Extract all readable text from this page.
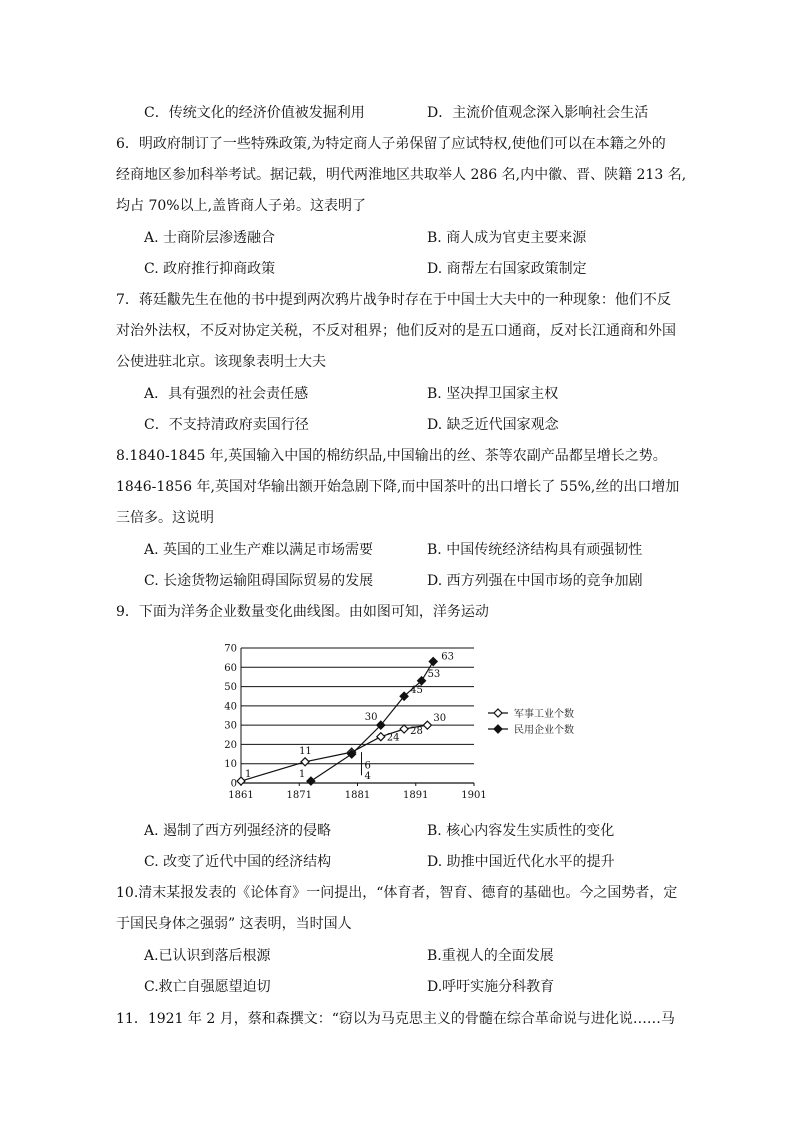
C．传统文化的经济价值被发掘利用	D．主流价值观念深入影响社会生活
6．明政府制订了一些特殊政策,为特定商人子弟保留了应试特权,使他们可以在本籍之外的
经商地区参加科举考试。据记载，明代两淮地区共取举人 286 名,内中徽、晋、陕籍 213 名,
均占 70%以上,盖皆商人子弟。这表明了
A. 士商阶层渗透融合	B. 商人成为官吏主要来源
C. 政府推行抑商政策	D. 商帮左右国家政策制定
7．蒋廷黻先生在他的书中提到两次鸦片战争时存在于中国士大夫中的一种现象：他们不反
对治外法权，不反对协定关税，不反对租界；他们反对的是五口通商，反对长江通商和外国
公使进驻北京。该现象表明士大夫
A．具有强烈的社会责任感	B. 坚决捍卫国家主权
C．不支持清政府卖国行径	D. 缺乏近代国家观念
8.1840-1845 年,英国输入中国的棉纺织品,中国输出的丝、茶等农副产品都呈增长之势。
1846-1856 年,英国对华输出额开始急剧下降,而中国茶叶的出口增长了 55%,丝的出口增加
三倍多。这说明
A. 英国的工业生产难以满足市场需要	B. 中国传统经济结构具有顽强韧性
C. 长途货物运输阻碍国际贸易的发展	D. 西方列强在中国市场的竞争加剧
9．下面为洋务企业数量变化曲线图。由如图可知，洋务运动
0
10
20
30
40
50
60
70
1861	1871	1881	1891	1901
1
11
24
28
30
1
30
45
53
63
6
4
军事工业个数
民用企业个数
A. 遏制了西方列强经济的侵略	B. 核心内容发生实质性的变化
C. 改变了近代中国的经济结构	D. 助推中国近代化水平的提升
10.清末某报发表的《论体育》一问提出，“体育者，智育、德育的基础也。今之国势者，定
于国民身体之强弱” 这表明，当时国人
A.已认识到落后根源	B.重视人的全面发展
C.救亡自强愿望迫切	D.呼吁实施分科教育
11．1921 年 2 月，蔡和森撰文：“窃以为马克思主义的骨髓在综合革命说与进化说……马
